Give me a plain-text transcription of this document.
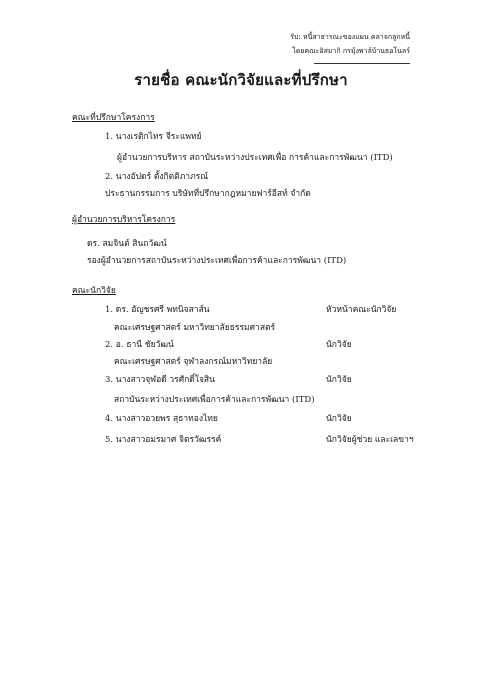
รับ: หนี้สาธารณะของแผน คลาจกลูกหนี้
โดยคณะอิสมากิ กรมุ้งพาล์บ้านธอโนลร์
รายชื่อ คณะนักวิจัยและที่ปรึกษา
คณะที่ปรึกษาโครงการ
1. นางเรติกไทร จีระแพทย์
ผู้อำนวยการบริหาร สถาบันระหว่างประเทศเพื่อ การค้าและการพัฒนา (ITD)
2. นางอัปดร์ ตั้งกิตติภาภรณ์
ประธานกรรมการ บริษัทที่ปรึกษากฎหมายฟาร์อีสท์ จำกัด
ผู้อำนวยการบริหารโครงการ
ดร. สมจินต์ สินถวัฒน์
รองผู้อำนวยการสถาบันระหว่างประเทศเพื่อการค้าและการพัฒนา (ITD)
คณะนักวิจัย
1. ดร. อัญชรศรี พทนิจสาส์น	หัวหน้าคณะนักวิจัย
คณะเศรษฐศาสตร์ มหาวิทยาลัยธรรมศาสตร์
2. อ. ธานี ชัยวัฒน์	นักวิจัย
คณะเศรษฐศาสตร์ จุฬาลงกรณ์มหาวิทยาลัย
3. นางสาวจุฬอดี วรศักดิ์ใจสิน	นักวิจัย
สถาบันระหว่างประเทศเพื่อการค้าและการพัฒนา (ITD)
4. นางสาวอวยพร สุธาทองไทย	นักวิจัย
5. นางสาวอมรมาศ จิตรวัฒรรค์	นักวิจัยผู้ช่วย และเลขาฯ
